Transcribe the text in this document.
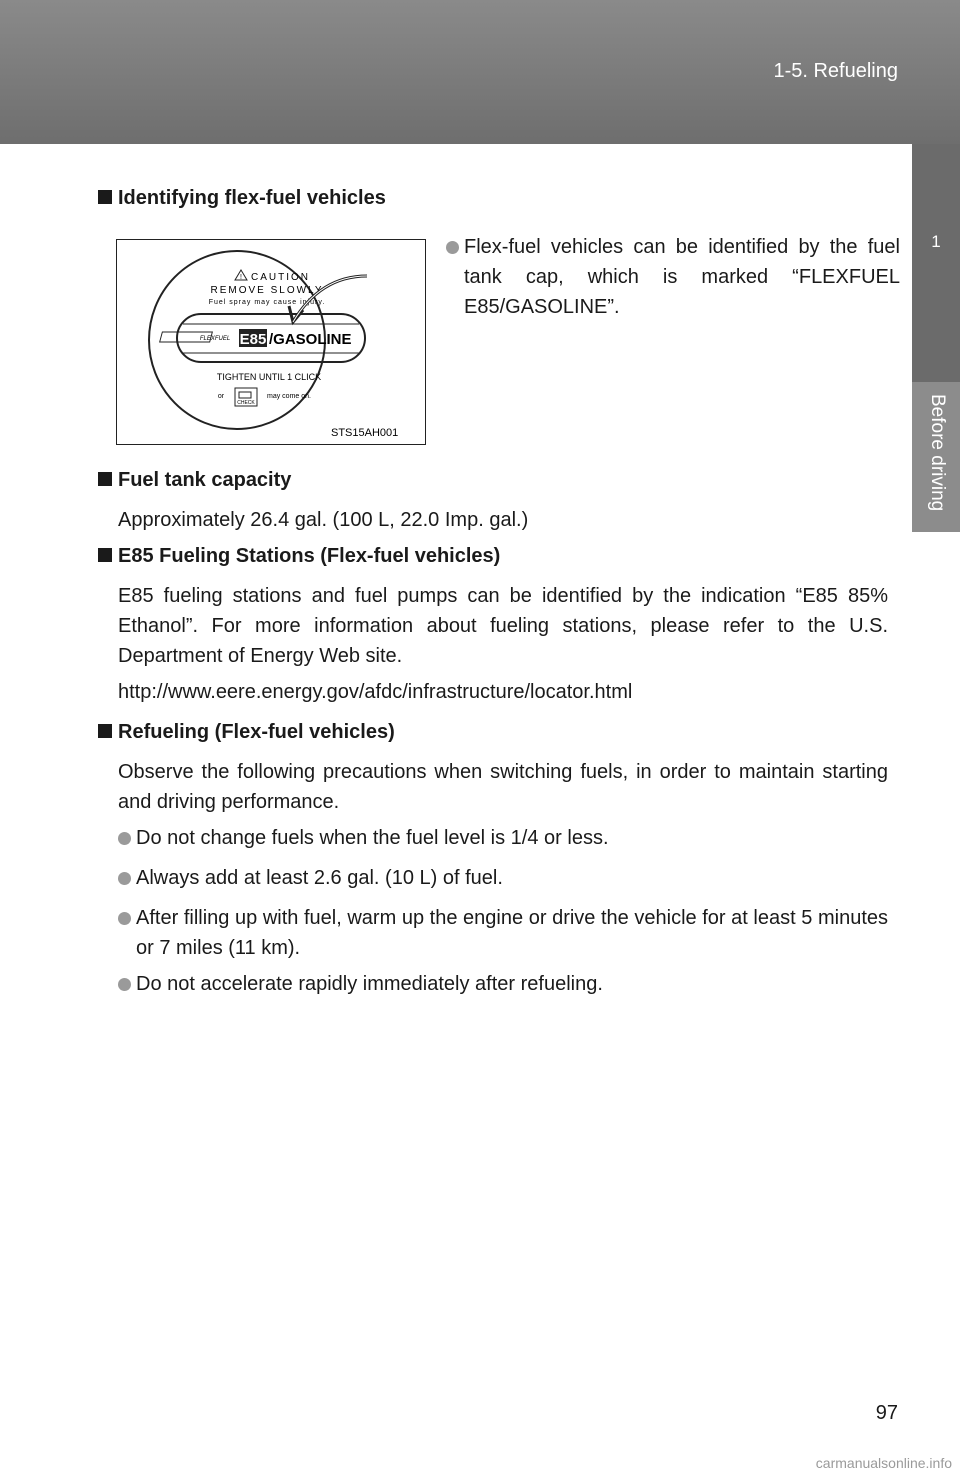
1-5. Refueling
1
Before driving
Identifying flex-fuel vehicles
! CAUTION
REMOVE SLOWLY
Fuel spray may cause injury.
FLEXFUEL E85 /GASOLINE
TIGHTEN UNTIL 1 CLICK
or
CHECK
may come on.
STS15AH001
Flex-fuel vehicles can be identified by the fuel tank cap, which is marked “FLEXFUEL E85/GASOLINE”.
Fuel tank capacity
Approximately 26.4 gal. (100 L, 22.0 Imp. gal.)
E85 Fueling Stations (Flex-fuel vehicles)
E85 fueling stations and fuel pumps can be identified by the indication “E85 85% Ethanol”. For more information about fueling stations, please refer to the U.S. Department of Energy Web site.
http://www.eere.energy.gov/afdc/infrastructure/locator.html
Refueling (Flex-fuel vehicles)
Observe the following precautions when switching fuels, in order to maintain starting and driving performance.
Do not change fuels when the fuel level is 1/4 or less.
Always add at least 2.6 gal. (10 L) of fuel.
After filling up with fuel, warm up the engine or drive the vehicle for at least 5 minutes or 7 miles (11 km).
Do not accelerate rapidly immediately after refueling.
97
carmanualsonline.info
